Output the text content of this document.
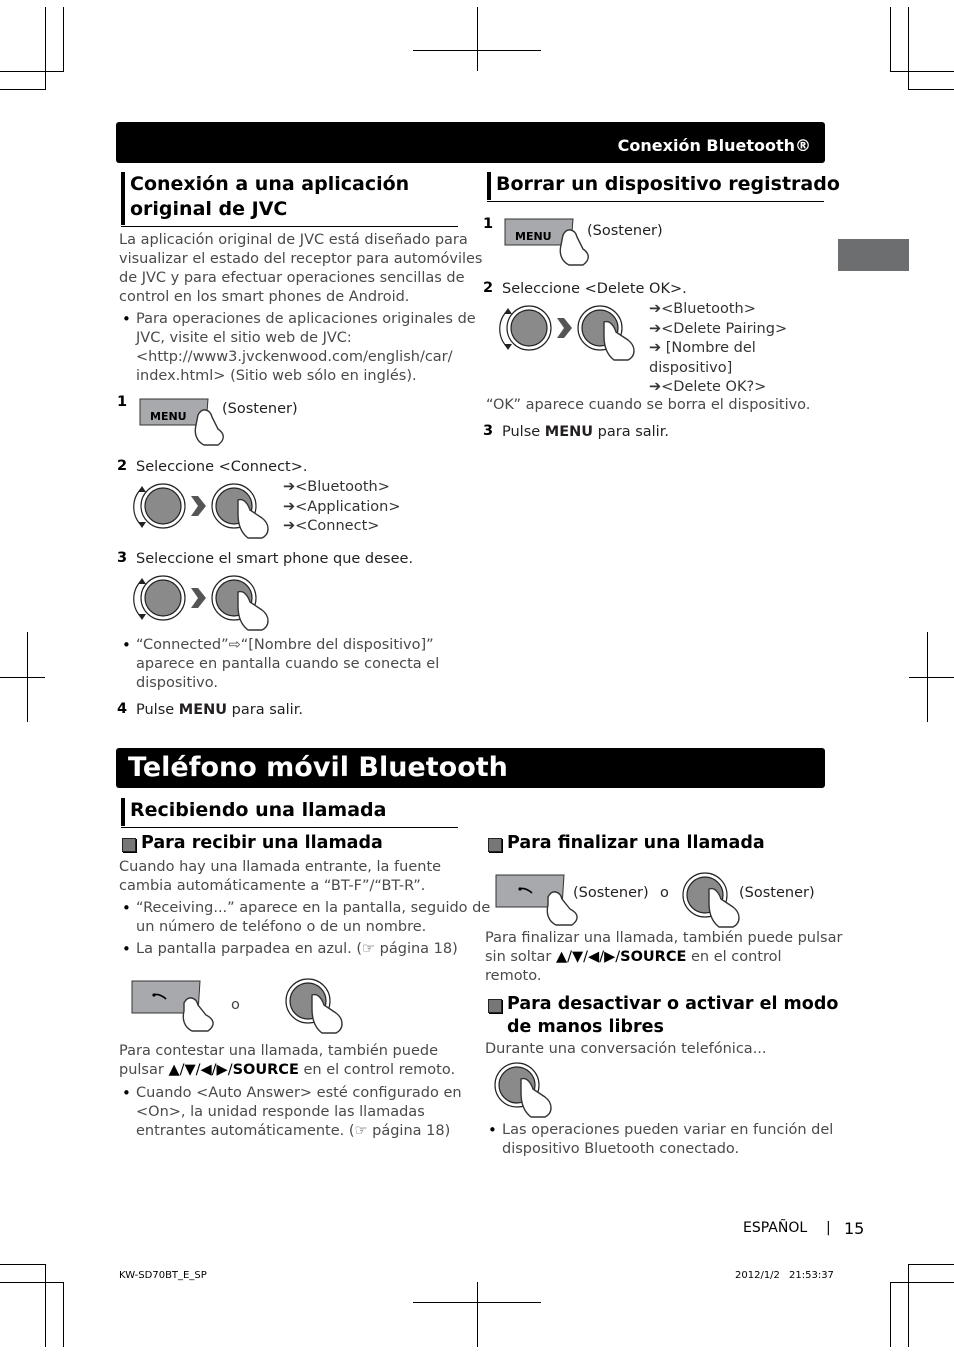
Conexión Bluetooth®
Conexión a una aplicación
original de JVC
La aplicación original de JVC está diseñado para
visualizar el estado del receptor para automóviles
de JVC y para efectuar operaciones sencillas de
control en los smart phones de Android.
• Para operaciones de aplicaciones originales de
JVC, visite el sitio web de JVC:
<http://www3.jvckenwood.com/english/car/
index.html> (Sitio web sólo en inglés).
1
MENU (Sostener)
2 Seleccione <Connect>.
➔<Bluetooth>
➔<Application>
➔<Connect>
3 Seleccione el smart phone que desee.
• “Connected”⇨“[Nombre del dispositivo]”
aparece en pantalla cuando se conecta el
dispositivo.
4 Pulse MENU para salir.
Borrar un dispositivo registrado
1
MENU (Sostener)
2 Seleccione <Delete OK>.
➔<Bluetooth>
➔<Delete Pairing>
➔ [Nombre del
dispositivo]
➔<Delete OK?>
“OK” aparece cuando se borra el dispositivo.
3 Pulse MENU para salir.
Teléfono móvil Bluetooth
Recibiendo una llamada
Para recibir una llamada
Cuando hay una llamada entrante, la fuente
cambia automáticamente a “BT-F”/“BT-R”.
• “Receiving...” aparece en la pantalla, seguido de
un número de teléfono o de un nombre.
• La pantalla parpadea en azul. (☞ página 18)
o
Para contestar una llamada, también puede
pulsar ▲/▼/◀/▶/SOURCE en el control remoto.
• Cuando <Auto Answer> esté configurado en
<On>, la unidad responde las llamadas
entrantes automáticamente. (☞ página 18)
Para finalizar una llamada
(Sostener) o	(Sostener)
Para finalizar una llamada, también puede pulsar
sin soltar ▲/▼/◀/▶/SOURCE en el control
remoto.
Para desactivar o activar el modo
de manos libres
Durante una conversación telefónica...
• Las operaciones pueden variar en función del
dispositivo Bluetooth conectado.
ESPAÑOL | 15
KW-SD70BT_E_SP	2012/1/2 21:53:37
